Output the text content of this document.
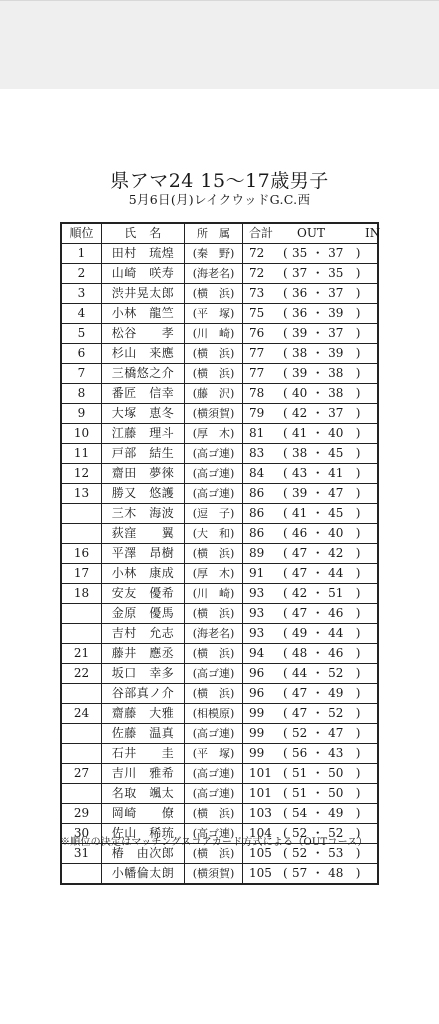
県アマ24 15～17歳男子
5月6日(月)レイクウッドG.C.西
順位	氏　名	所　属	合計	OUT IN
1	田村　琉煌	(秦　野)	72	( 35 ・ 37 )
2	山崎　咲寿	(海老名)	72	( 37 ・ 35 )
3	渋井晃太郎	(横　浜)	73	( 36 ・ 37 )
4	小林　龍竺	(平　塚)	75	( 36 ・ 39 )
5	松谷　　孝	(川　崎)	76	( 39 ・ 37 )
6	杉山　来應	(横　浜)	77	( 38 ・ 39 )
7	三橋悠之介	(横　浜)	77	( 39 ・ 38 )
8	番匠　信幸	(藤　沢)	78	( 40 ・ 38 )
9	大塚　恵冬	(横須賀)	79	( 42 ・ 37 )
10	江藤　理斗	(厚　木)	81	( 41 ・ 40 )
11	戸部　結生	(高ゴ連)	83	( 38 ・ 45 )
12	齋田　夢徠	(高ゴ連)	84	( 43 ・ 41 )
13	勝又　悠護	(高ゴ連)	86	( 39 ・ 47 )
	三木　海波	(逗　子)	86	( 41 ・ 45 )
	荻窪　　翼	(大　和)	86	( 46 ・ 40 )
16	平澤　昂樹	(横　浜)	89	( 47 ・ 42 )
17	小林　康成	(厚　木)	91	( 47 ・ 44 )
18	安友　優希	(川　崎)	93	( 42 ・ 51 )
	金原　優馬	(横　浜)	93	( 47 ・ 46 )
	吉村　允志	(海老名)	93	( 49 ・ 44 )
21	藤井　應丞	(横　浜)	94	( 48 ・ 46 )
22	坂口　幸多	(高ゴ連)	96	( 44 ・ 52 )
	谷部真ノ介	(横　浜)	96	( 47 ・ 49 )
24	齋藤　大雅	(相模原)	99	( 47 ・ 52 )
	佐藤　温真	(高ゴ連)	99	( 52 ・ 47 )
	石井　　圭	(平　塚)	99	( 56 ・ 43 )
27	吉川　雅希	(高ゴ連)	101	( 51 ・ 50 )
	名取　颯太	(高ゴ連)	101	( 51 ・ 50 )
29	岡崎　　僚	(横　浜)	103	( 54 ・ 49 )
30	佐山　稀琉	(高ゴ連)	104	( 52 ・ 52 )
31	椿　由次郎	(横　浜)	105	( 52 ・ 53 )
	小幡倫太朗	(横須賀)	105	( 57 ・ 48 )
※順位の決定はマッチングスコアカード方式による（OUTコース）
